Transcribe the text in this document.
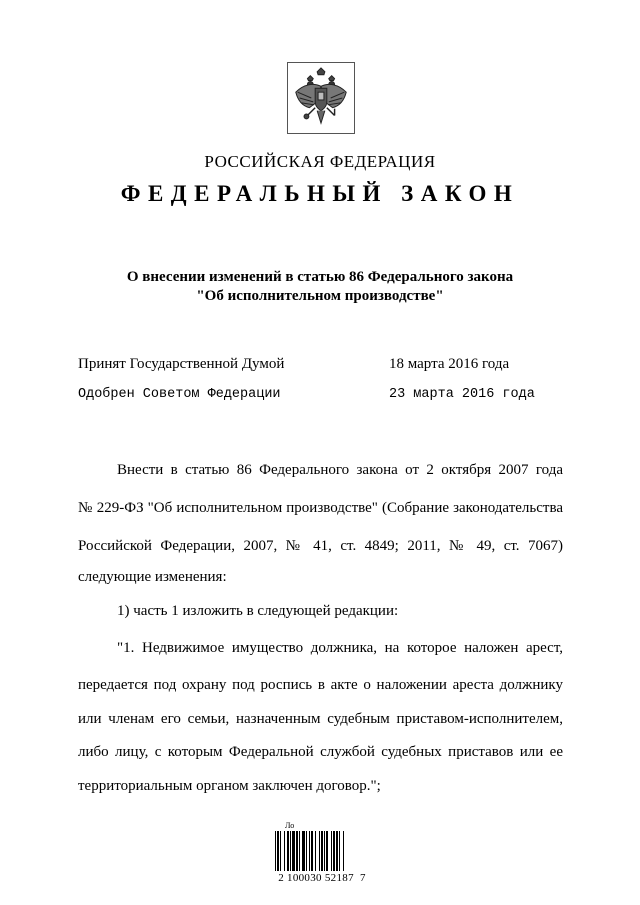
РОССИЙСКАЯ ФЕДЕРАЦИЯ
ФЕДЕРАЛЬНЫЙ ЗАКОН
О внесении изменений в статью 86 Федерального закона
"Об исполнительном производстве"
Принят Государственной Думой	18 марта 2016 года
Одобрен Советом Федерации	23 марта 2016 года
Внести в статью 86 Федерального закона от 2 октября 2007 года
№ 229-ФЗ "Об исполнительном производстве" (Собрание законодательства
Российской Федерации, 2007, № 41, ст. 4849; 2011, № 49, ст. 7067)
следующие изменения:
1) часть 1 изложить в следующей редакции:
"1. Недвижимое имущество должника, на которое наложен арест,
передается под охрану под роспись в акте о наложении ареста должнику
или членам его семьи, назначенным судебным приставом-исполнителем,
либо лицу, с которым Федеральной службой судебных приставов или ее
территориальным органом заключен договор.";
Ло
2 100030 52187  7
